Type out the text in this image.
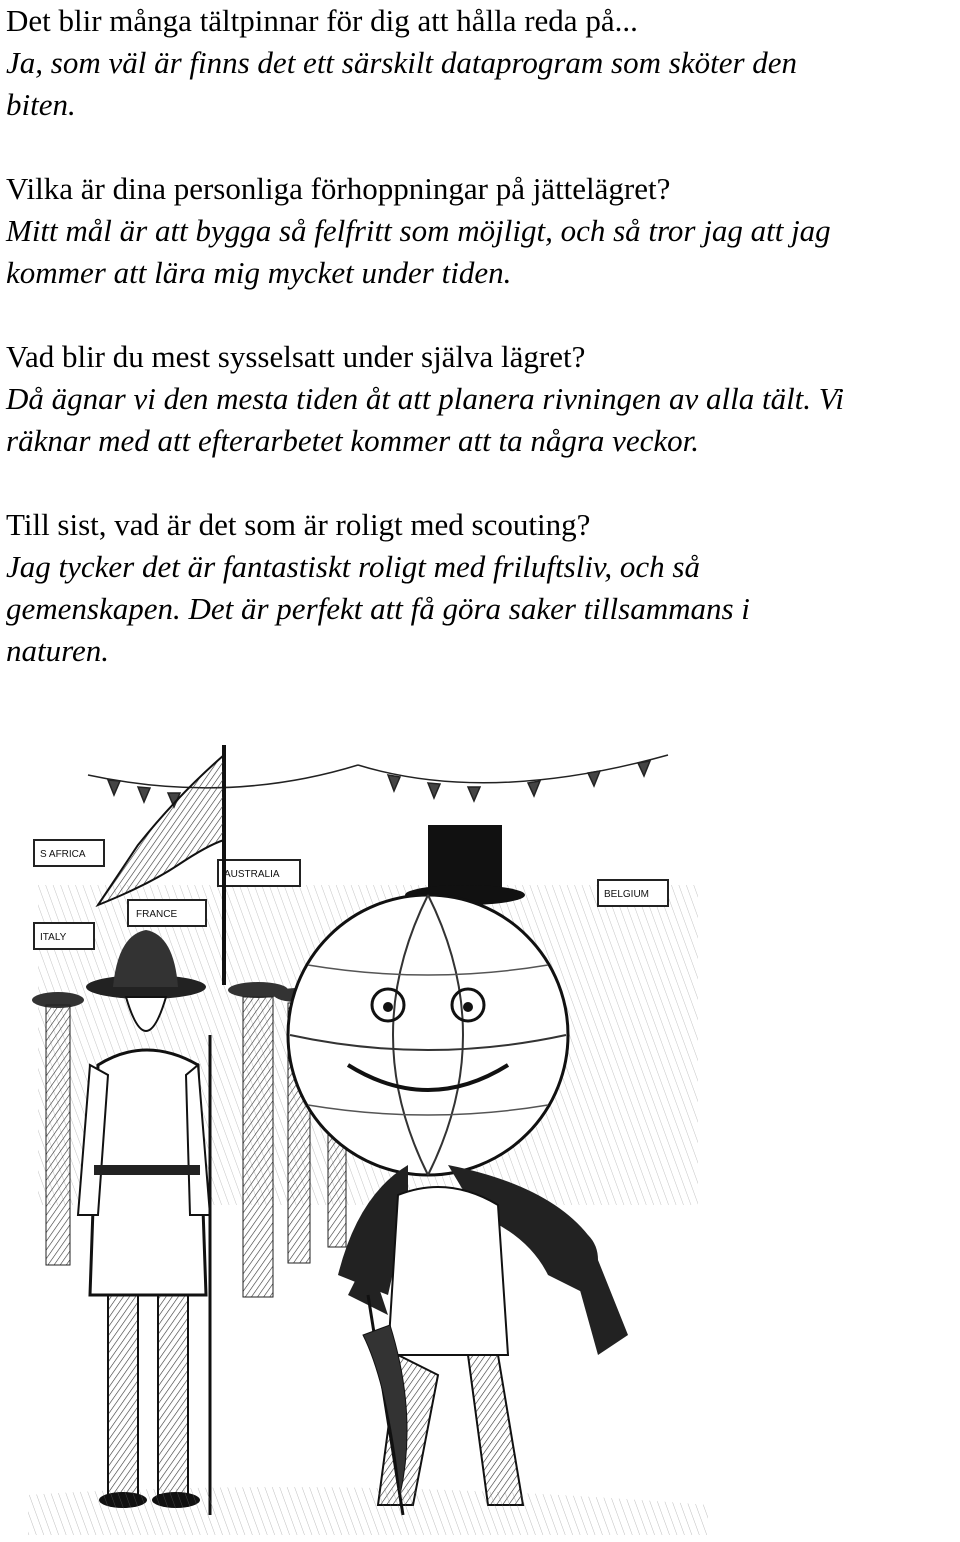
Det blir många tältpinnar för dig att hålla reda på...

Ja, som väl är finns det ett särskilt dataprogram som sköter den

biten.

Vilka är dina personliga förhoppningar på jättelägret?

Mitt mål är att bygga så felfritt som möjligt, och så tror jag att jag

kommer att lära mig mycket under tiden.

Vad blir du mest sysselsatt under själva lägret?

Då ägnar vi den mesta tiden åt att planera rivningen av alla tält. Vi

räknar med att efterarbetet kommer att ta några veckor.

Till sist, vad är det som är roligt med scouting?

Jag tycker det är fantastiskt roligt med friluftsliv, och så

gemenskapen. Det är perfekt att få göra saker tillsammans i

naturen.

S AFRICA
AUSTRALIA
FRANCE
ITALY
BELGIUM
